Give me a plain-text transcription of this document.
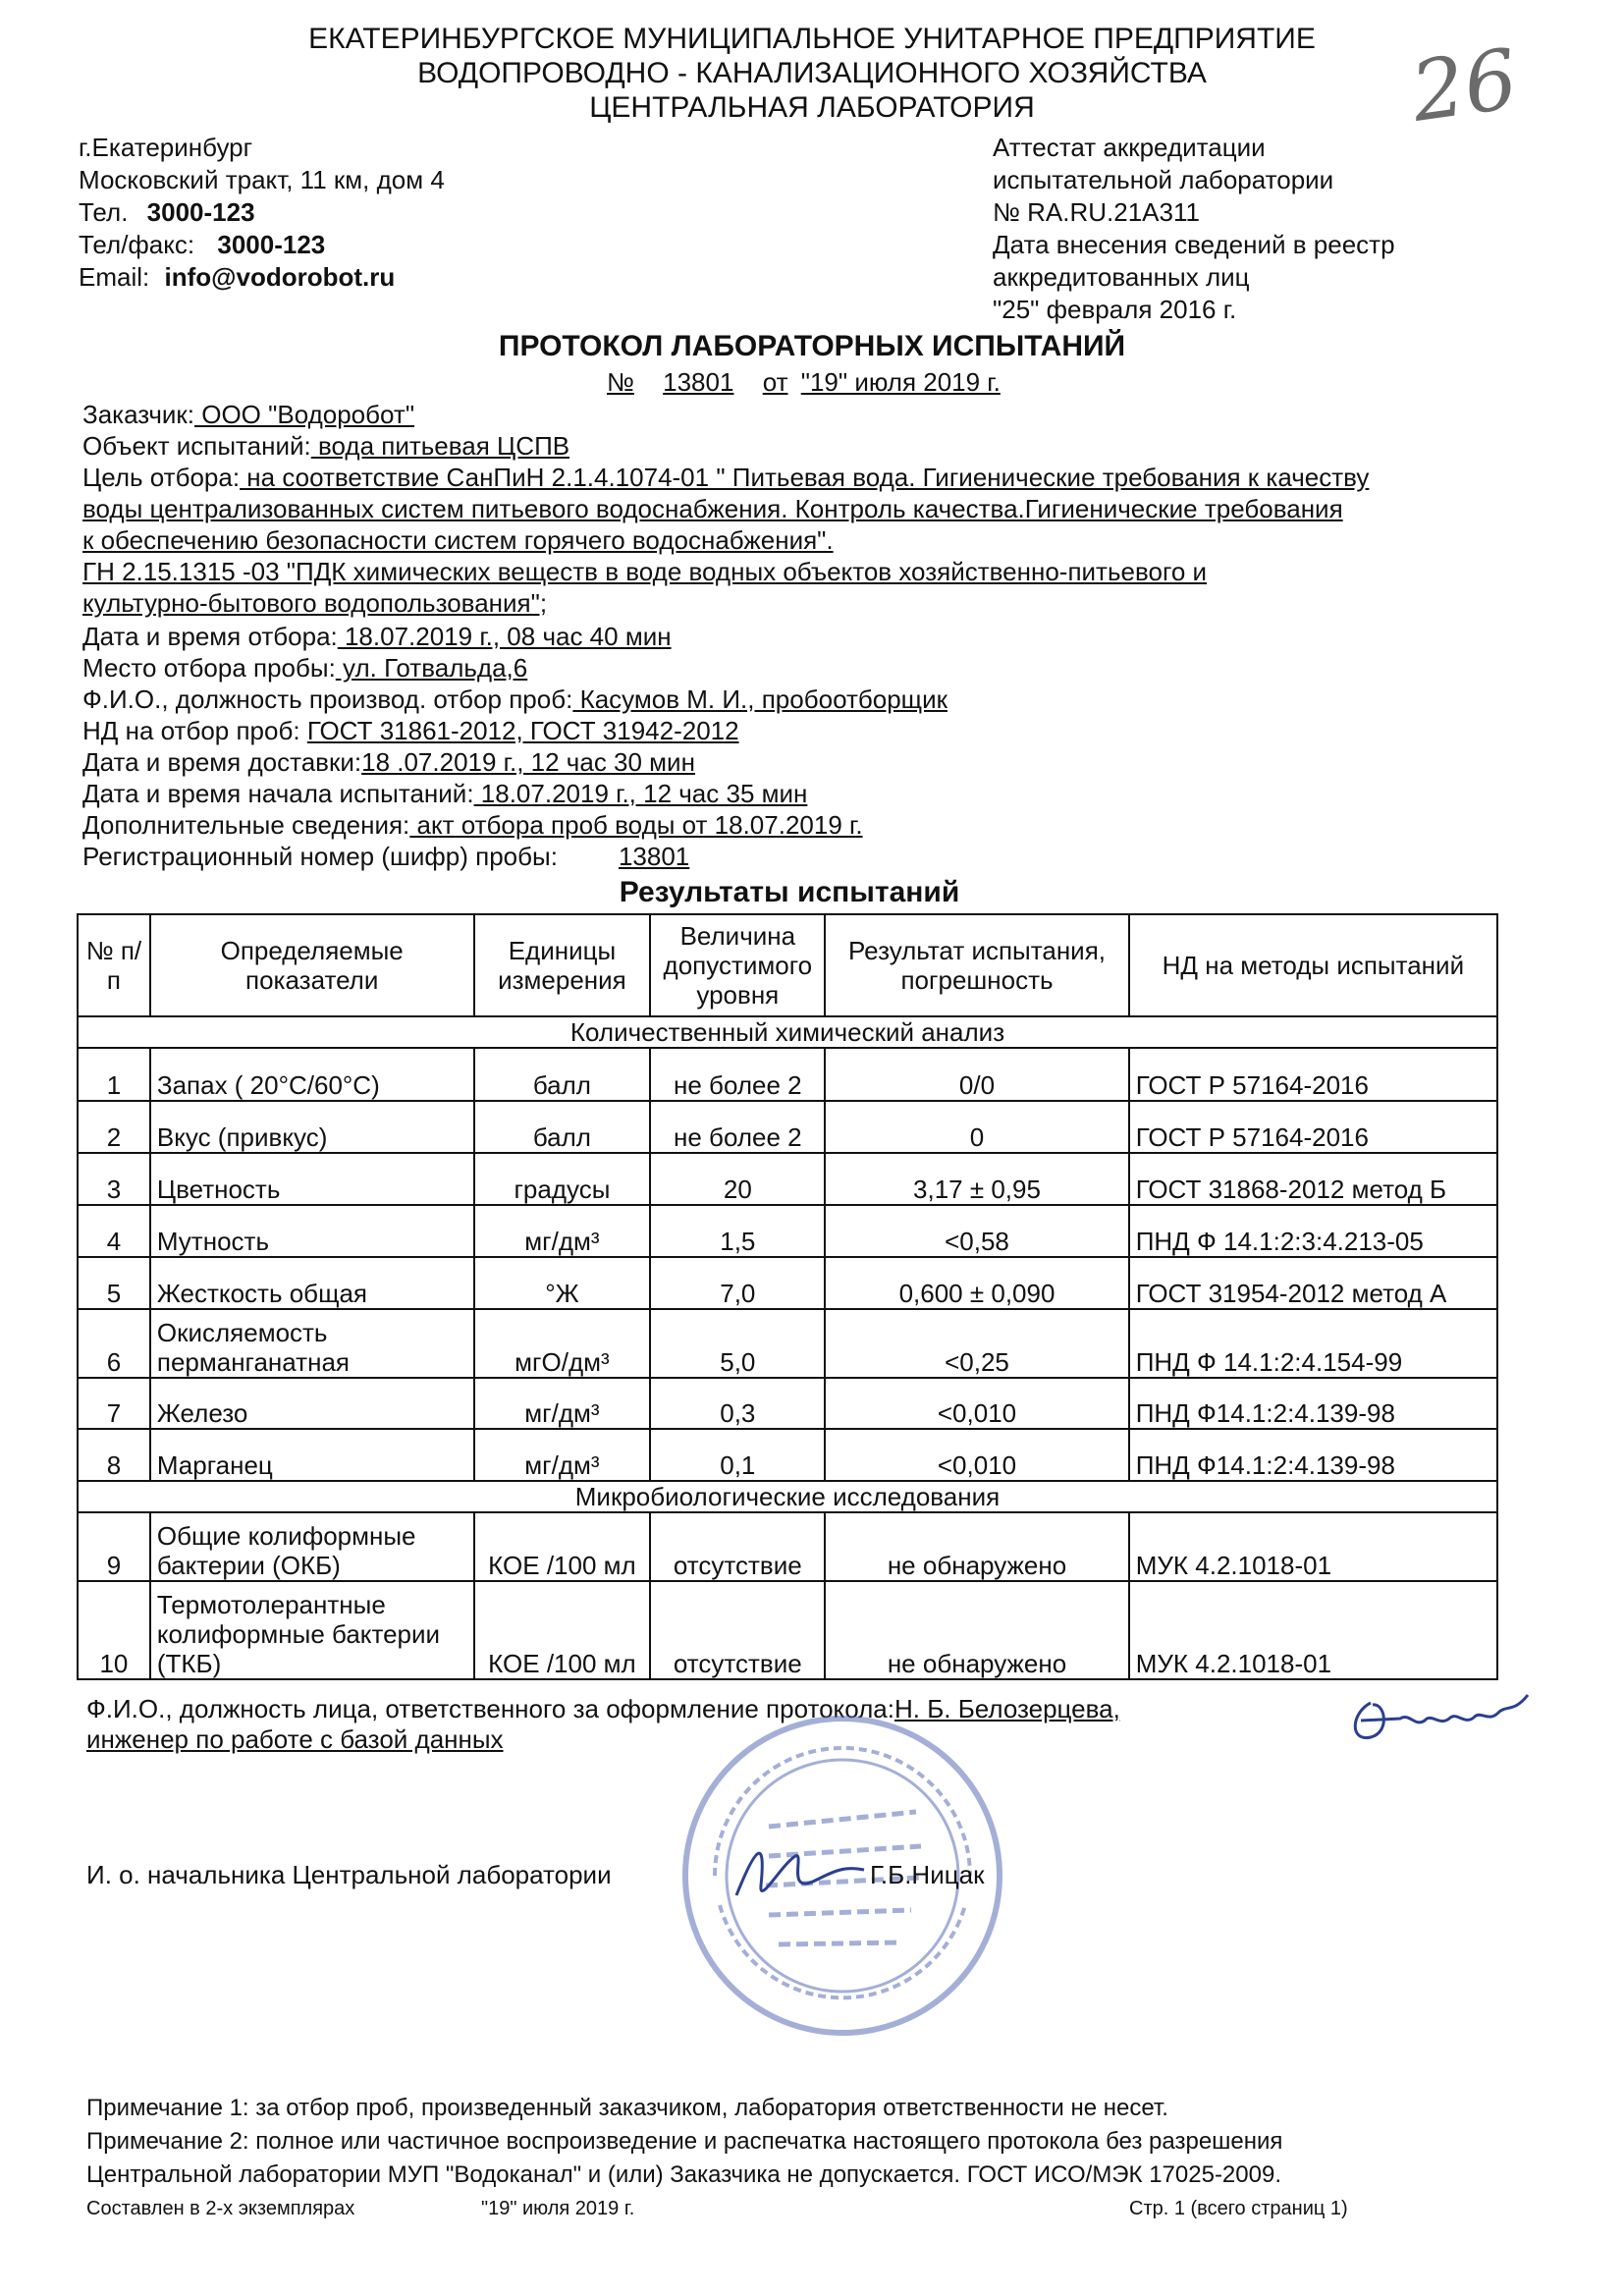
ЕКАТЕРИНБУРГСКОЕ МУНИЦИПАЛЬНОЕ УНИТАРНОЕ ПРЕДПРИЯТИЕ
ВОДОПРОВОДНО - КАНАЛИЗАЦИОННОГО ХОЗЯЙСТВА
ЦЕНТРАЛЬНАЯ ЛАБОРАТОРИЯ	26
г.Екатеринбург
Московский тракт, 11 км, дом 4
Тел. 3000-123
Тел/факс: 3000-123
Email: info@vodorobot.ru
Аттестат аккредитации
испытательной лаборатории
№ RA.RU.21A311
Дата внесения сведений в реестр
аккредитованных лиц
"25" февраля 2016 г.
ПРОТОКОЛ ЛАБОРАТОРНЫХ ИСПЫТАНИЙ
№ 13801 от "19" июля 2019 г.
Заказчик: ООО "Водоробот"
Объект испытаний: вода питьевая ЦСПВ
Цель отбора: на соответствие СанПиН 2.1.4.1074-01 " Питьевая вода. Гигиенические требования к качеству
воды централизованных систем питьевого водоснабжения. Контроль качества.Гигиенические требования
к обеспечению безопасности систем горячего водоснабжения".
ГН 2.15.1315 -03 "ПДК химических веществ в воде водных объектов хозяйственно-питьевого и
культурно-бытового водопользования";
Дата и время отбора: 18.07.2019 г., 08 час 40 мин
Место отбора пробы: ул. Готвальда,6
Ф.И.О., должность производ. отбор проб: Касумов М. И., пробоотборщик
НД на отбор проб: ГОСТ 31861-2012, ГОСТ 31942-2012
Дата и время доставки:18 .07.2019 г., 12 час 30 мин
Дата и время начала испытаний: 18.07.2019 г., 12 час 35 мин
Дополнительные сведения: акт отбора проб воды от 18.07.2019 г.
Регистрационный номер (шифр) пробы: 13801
Результаты испытаний
№ п/п	Определяемые показатели	Единицы измерения	Величина допустимого уровня	Результат испытания, погрешность	НД на методы испытаний
Количественный химический анализ					
1	Запах ( 20°С/60°С)	балл	не более 2	0/0	ГОСТ Р 57164-2016
2	Вкус (привкус)	балл	не более 2	0	ГОСТ Р 57164-2016
3	Цветность	градусы	20	3,17 ± 0,95	ГОСТ 31868-2012 метод Б
4	Мутность	мг/дм³	1,5	<0,58	ПНД Ф 14.1:2:3:4.213-05
5	Жесткость общая	°Ж	7,0	0,600 ± 0,090	ГОСТ 31954-2012 метод А
6	Окисляемость перманганатная	мгО/дм³	5,0	<0,25	ПНД Ф 14.1:2:4.154-99
7	Железо	мг/дм³	0,3	<0,010	ПНД Ф14.1:2:4.139-98
8	Марганец	мг/дм³	0,1	<0,010	ПНД Ф14.1:2:4.139-98
Микробиологические исследования					
9	Общие колиформные бактерии (ОКБ)	КОЕ /100 мл	отсутствие	не обнаружено	МУК 4.2.1018-01
10	Термотолерантные колиформные бактерии (ТКБ)	КОЕ /100 мл	отсутствие	не обнаружено	МУК 4.2.1018-01
Ф.И.О., должность лица, ответственного за оформление протокола:Н. Б. Белозерцева,
инженер по работе с базой данных
И. о. начальника Центральной лаборатории	Г.Б.Ницак
Примечание 1: за отбор проб, произведенный заказчиком, лаборатория ответственности не несет.
Примечание 2: полное или частичное воспроизведение и распечатка настоящего протокола без разрешения
Центральной лаборатории МУП "Водоканал" и (или) Заказчика не допускается. ГОСТ ИСО/МЭК 17025-2009.
Составлен в 2-х экземплярах	"19" июля 2019 г.	Стр. 1 (всего страниц 1)
